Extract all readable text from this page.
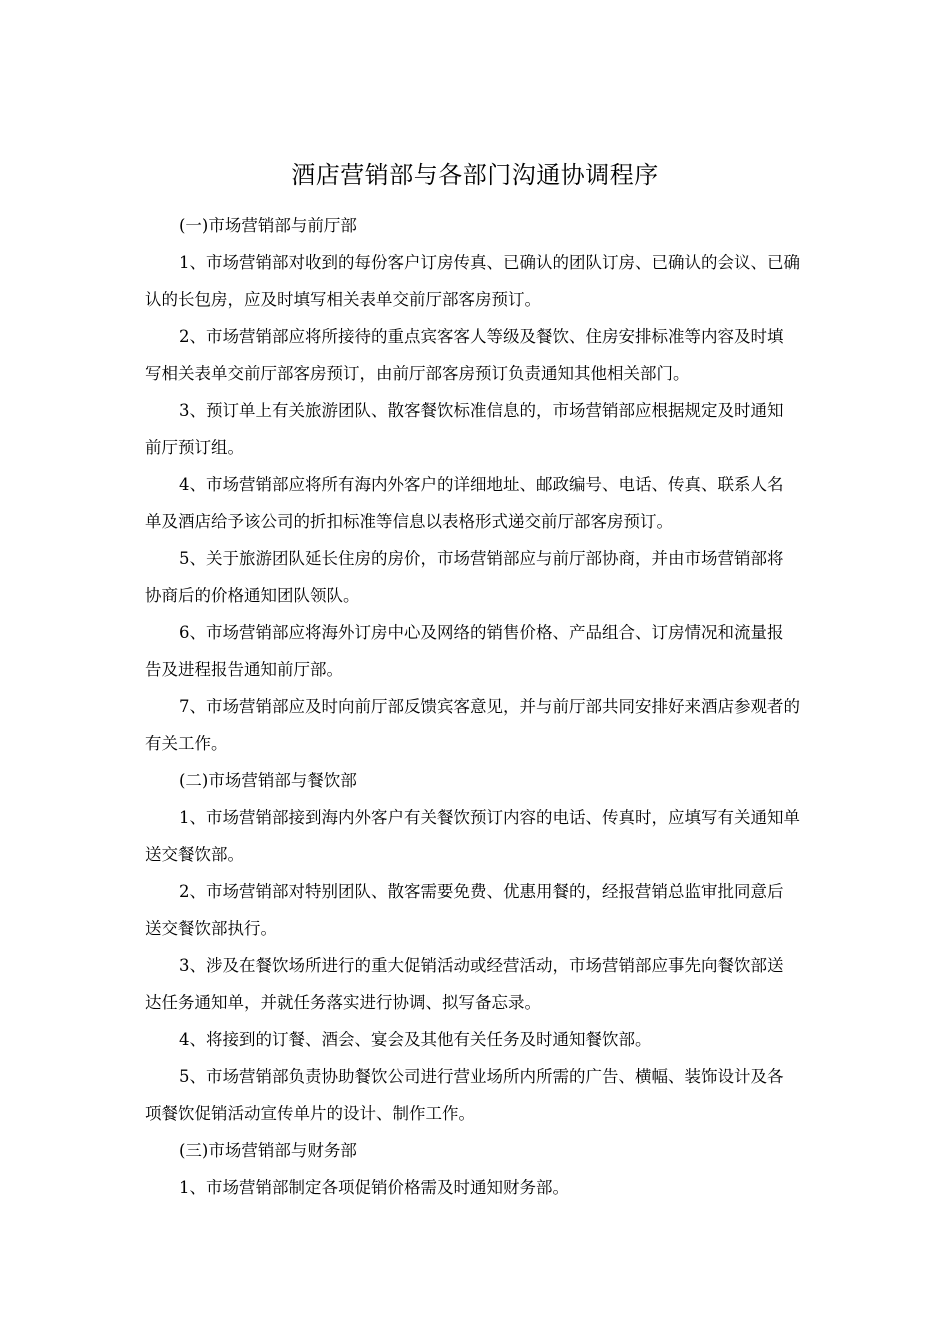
酒店营销部与各部门沟通协调程序
(一)市场营销部与前厅部
1、市场营销部对收到的每份客户订房传真、已确认的团队订房、已确认的会议、已确
认的长包房，应及时填写相关表单交前厅部客房预订。
2、市场营销部应将所接待的重点宾客客人等级及餐饮、住房安排标准等内容及时填
写相关表单交前厅部客房预订，由前厅部客房预订负责通知其他相关部门。
3、预订单上有关旅游团队、散客餐饮标准信息的，市场营销部应根据规定及时通知
前厅预订组。
4、市场营销部应将所有海内外客户的详细地址、邮政编号、电话、传真、联系人名
单及酒店给予该公司的折扣标准等信息以表格形式递交前厅部客房预订。
5、关于旅游团队延长住房的房价，市场营销部应与前厅部协商，并由市场营销部将
协商后的价格通知团队领队。
6、市场营销部应将海外订房中心及网络的销售价格、产品组合、订房情况和流量报
告及进程报告通知前厅部。
7、市场营销部应及时向前厅部反馈宾客意见，并与前厅部共同安排好来酒店参观者的
有关工作。
(二)市场营销部与餐饮部
1、市场营销部接到海内外客户有关餐饮预订内容的电话、传真时，应填写有关通知单
送交餐饮部。
2、市场营销部对特别团队、散客需要免费、优惠用餐的，经报营销总监审批同意后
送交餐饮部执行。
3、涉及在餐饮场所进行的重大促销活动或经营活动，市场营销部应事先向餐饮部送
达任务通知单，并就任务落实进行协调、拟写备忘录。
4、将接到的订餐、酒会、宴会及其他有关任务及时通知餐饮部。
5、市场营销部负责协助餐饮公司进行营业场所内所需的广告、横幅、装饰设计及各
项餐饮促销活动宣传单片的设计、制作工作。
(三)市场营销部与财务部
1、市场营销部制定各项促销价格需及时通知财务部。
